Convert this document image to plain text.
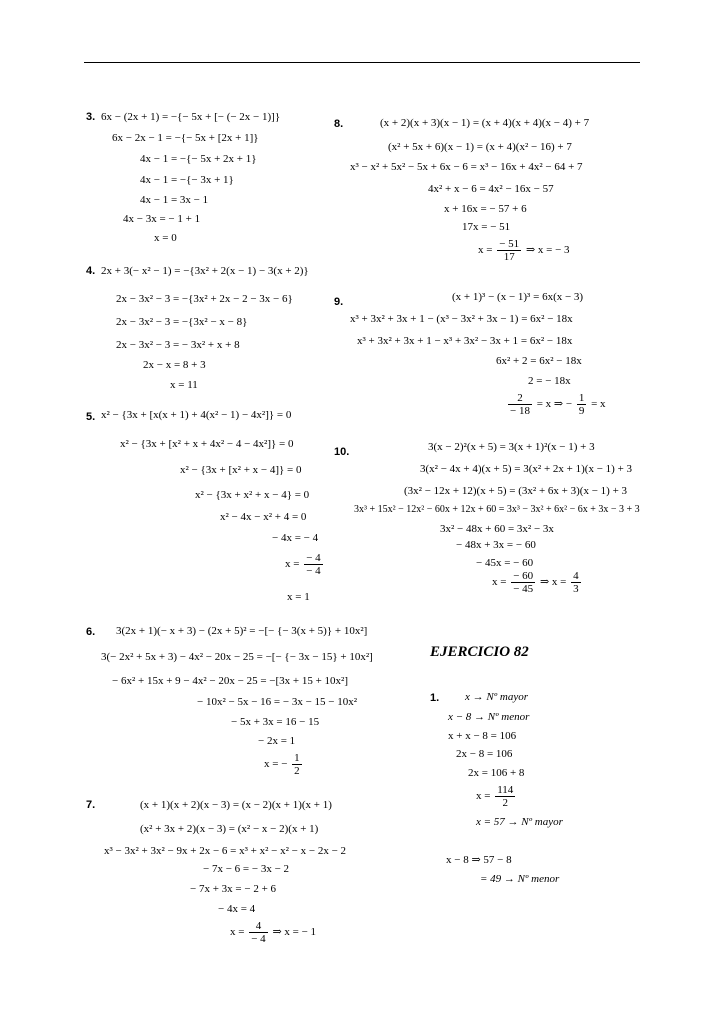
3. 6x − (2x + 1) = −{− 5x + [− (− 2x − 1)]}
6x − 2x − 1 = −{− 5x + [2x + 1]}
4x − 1 = −{− 5x + 2x + 1}
4x − 1 = −{− 3x + 1}
4x − 1 = 3x − 1
4x − 3x = − 1 + 1
x = 0
4. 2x + 3(− x² − 1) = −{3x² + 2(x − 1) − 3(x + 2)}
2x − 3x² − 3 = −{3x² + 2x − 2 − 3x − 6}
2x − 3x² − 3 = −{3x² − x − 8}
2x − 3x² − 3 = − 3x² + x + 8
2x − x = 8 + 3
x = 11
5. x² − {3x + [x(x + 1) + 4(x² − 1) − 4x²]} = 0
x² − {3x + [x² + x + 4x² − 4 − 4x²]} = 0
x² − {3x + [x² + x − 4]} = 0
x² − {3x + x² + x − 4} = 0
x² − 4x − x² + 4 = 0
− 4x = − 4
$x = \frac{- 4}{- 4}$
x = 1
6. 3(2x + 1)(− x + 3) − (2x + 5)² = −[− {− 3(x + 5)} + 10x²]
3(− 2x² + 5x + 3) − 4x² − 20x − 25 = −[− {− 3x − 15} + 10x²]
− 6x² + 15x + 9 − 4x² − 20x − 25 = −[3x + 15 + 10x²]
− 10x² − 5x − 16 = − 3x − 15 − 10x²
− 5x + 3x = 16 − 15
− 2x = 1
x = − $\frac{1}{2}$
7.	(x + 1)(x + 2)(x − 3) = (x − 2)(x + 1)(x + 1)
(x² + 3x + 2)(x − 3) = (x² − x − 2)(x + 1)
x³ − 3x² + 3x² − 9x + 2x − 6 = x³ + x² − x² − x − 2x − 2
− 7x − 6 = − 3x − 2
− 7x + 3x = − 2 + 6
− 4x = 4
$x = \frac{4}{- 4}$ ⇒ x = − 1
8.	(x + 2)(x + 3)(x − 1) = (x + 4)(x + 4)(x − 4) + 7
(x² + 5x + 6)(x − 1) = (x + 4)(x² − 16) + 7
x³ − x² + 5x² − 5x + 6x − 6 = x³ − 16x + 4x² − 64 + 7
4x² + x − 6 = 4x² − 16x − 57
x + 16x = − 57 + 6
17x = − 51
$x = \frac{- 51}{17}$ ⇒ x = − 3
9.	(x + 1)³ − (x − 1)³ = 6x(x − 3)
x³ + 3x² + 3x + 1 − (x³ − 3x² + 3x − 1) = 6x² − 18x
x³ + 3x² + 3x + 1 − x³ + 3x² − 3x + 1 = 6x² − 18x
6x² + 2 = 6x² − 18x
2 = − 18x
$\frac{2}{- 18} = x$ ⇒ − $\frac{1}{9} = x$
10.	3(x − 2)²(x + 5) = 3(x + 1)²(x − 1) + 3
3(x² − 4x + 4)(x + 5) = 3(x² + 2x + 1)(x − 1) + 3
(3x² − 12x + 12)(x + 5) = (3x² + 6x + 3)(x − 1) + 3
3x³ + 15x² − 12x² − 60x + 12x + 60 = 3x³ − 3x² + 6x² − 6x + 3x − 3 + 3
3x² − 48x + 60 = 3x² − 3x
− 48x + 3x = − 60
− 45x = − 60
$x = \frac{- 60}{- 45}$ ⇒ $x = \frac{4}{3}$
EJERCICIO 82
1. x → Nº mayor
x − 8 → Nº menor
x + x − 8 = 106
2x − 8 = 106
2x = 106 + 8
$x = \frac{114}{2}$
x = 57 → Nº mayor
x − 8 ⇒ 57 − 8
= 49 → Nº menor
